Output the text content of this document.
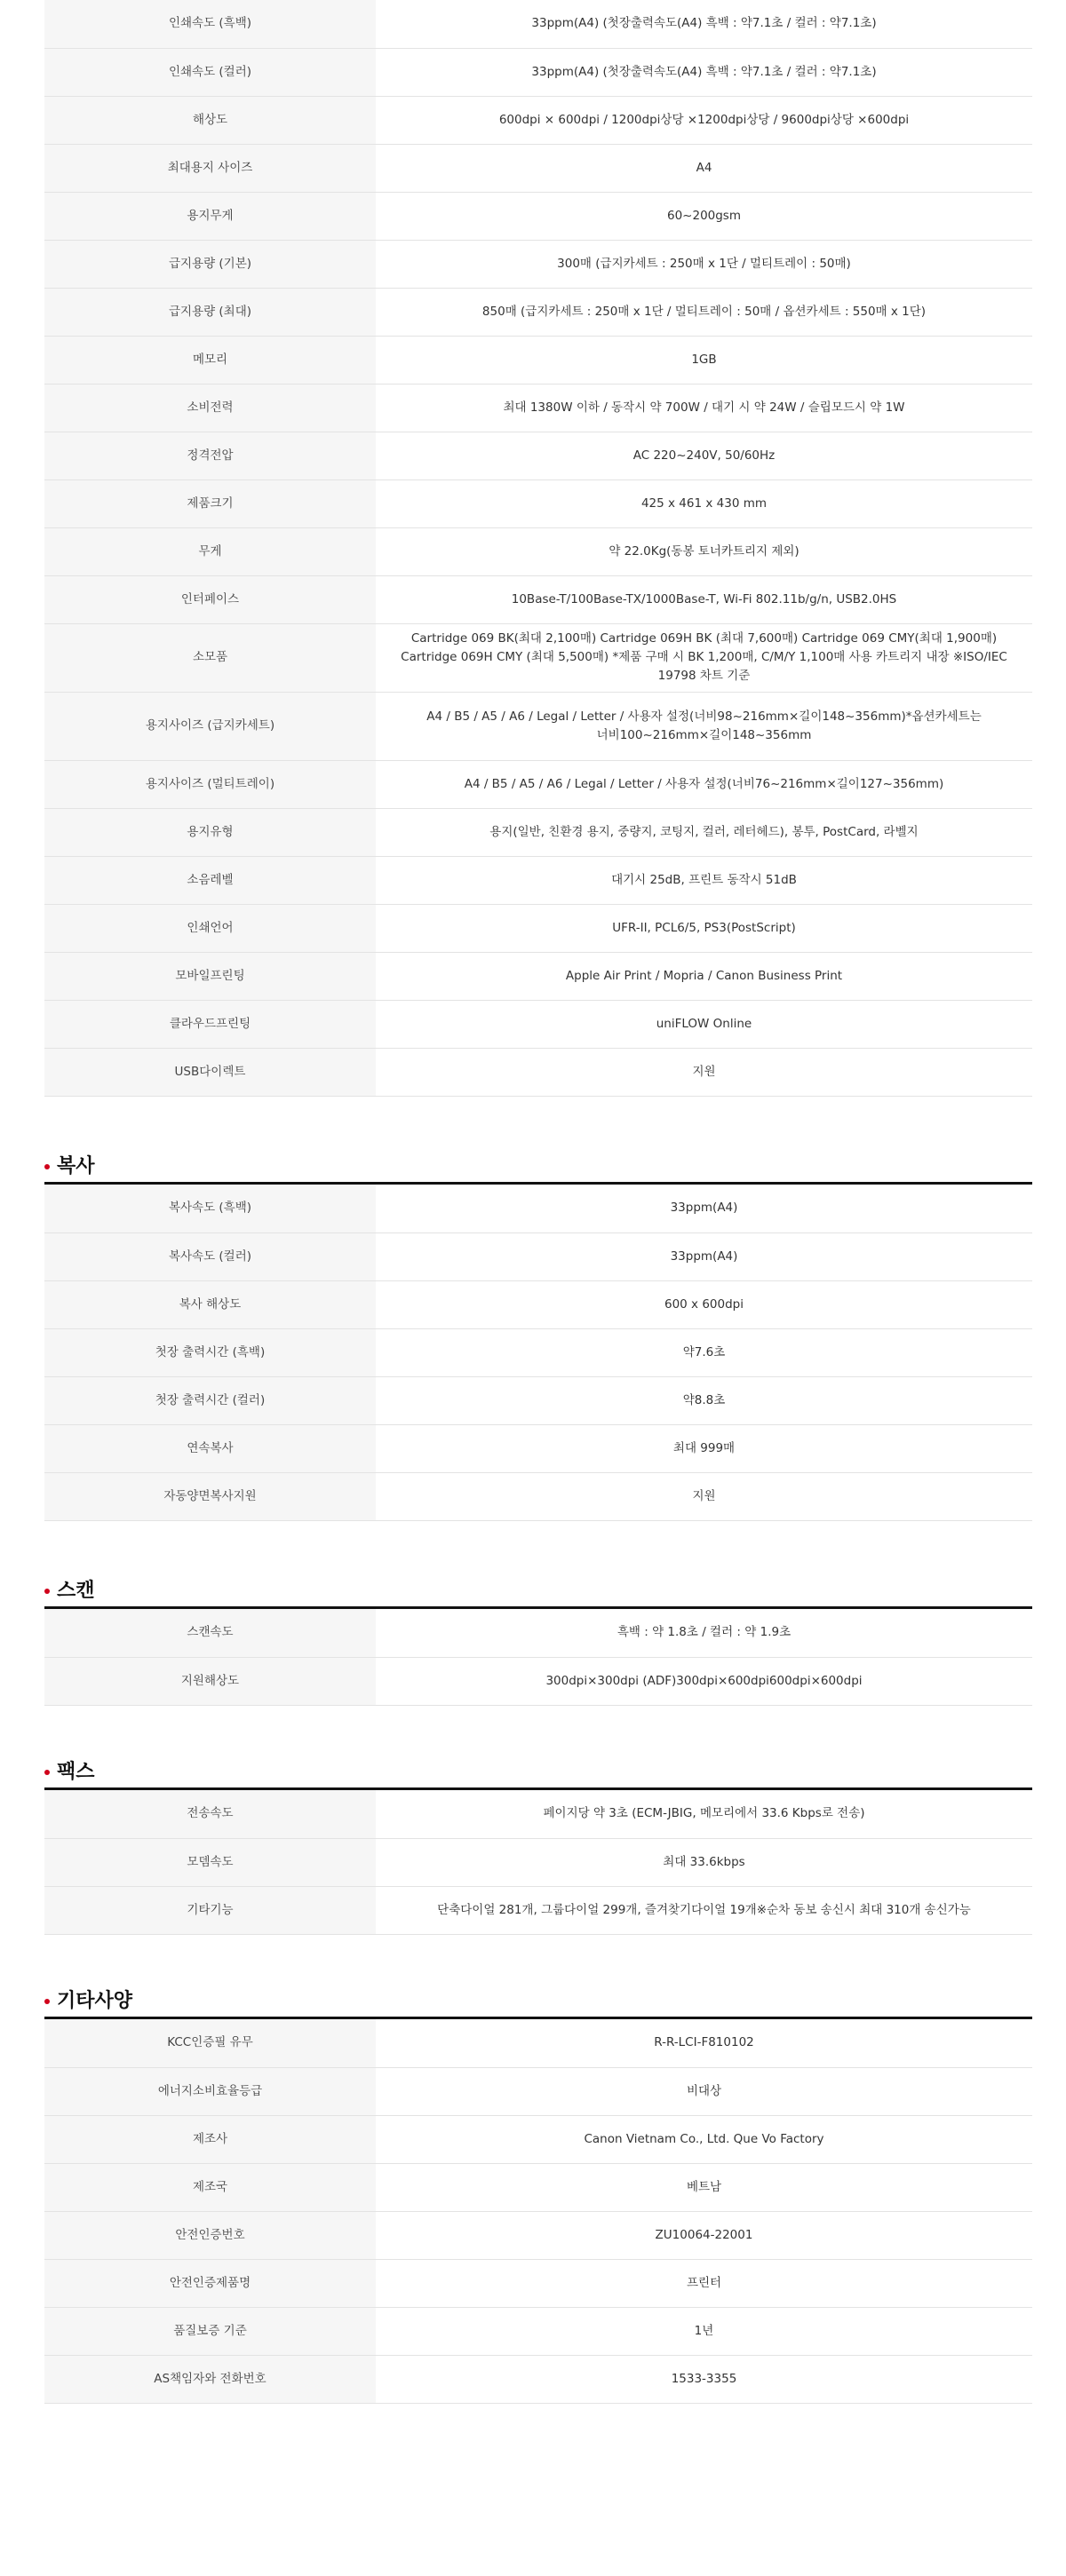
인쇄속도 (흑백)	33ppm(A4) (첫장출력속도(A4) 흑백 : 약7.1초 / 컬러 : 약7.1초)
인쇄속도 (컬러)	33ppm(A4) (첫장출력속도(A4) 흑백 : 약7.1초 / 컬러 : 약7.1초)
해상도	600dpi × 600dpi / 1200dpi상당 ×1200dpi상당 / 9600dpi상당 ×600dpi
최대용지 사이즈	A4
용지무게	60~200gsm
급지용량 (기본)	300매 (급지카세트 : 250매 x 1단 / 멀티트레이 : 50매)
급지용량 (최대)	850매 (급지카세트 : 250매 x 1단 / 멀티트레이 : 50매 / 옵션카세트 : 550매 x 1단)
메모리	1GB
소비전력	최대 1380W 이하 / 동작시 약 700W / 대기 시 약 24W / 슬립모드시 약 1W
정격전압	AC 220~240V, 50/60Hz
제품크기	425 x 461 x 430 mm
무게	약 22.0Kg(동봉 토너카트리지 제외)
인터페이스	10Base-T/100Base-TX/1000Base-T, Wi-Fi 802.11b/g/n, USB2.0HS
소모품	Cartridge 069 BK(최대 2,100매) Cartridge 069H BK (최대 7,600매) Cartridge 069 CMY(최대 1,900매) Cartridge 069H CMY (최대 5,500매) *제품 구매 시 BK 1,200매, C/M/Y 1,100매 사용 카트리지 내장 ※ISO/IEC 19798 차트 기준
용지사이즈 (급지카세트)	A4 / B5 / A5 / A6 / Legal / Letter / 사용자 설정(너비98~216mm×길이148~356mm)*옵션카세트는 너비100~216mm×길이148~356mm
용지사이즈 (멀티트레이)	A4 / B5 / A5 / A6 / Legal / Letter / 사용자 설정(너비76~216mm×길이127~356mm)
용지유형	용지(일반, 친환경 용지, 중량지, 코팅지, 컬러, 레터헤드), 봉투, PostCard, 라벨지
소음레벨	대기시 25dB, 프린트 동작시 51dB
인쇄언어	UFR-II, PCL6/5, PS3(PostScript)
모바일프린팅	Apple Air Print / Mopria / Canon Business Print
클라우드프린팅	uniFLOW Online
USB다이렉트	지원
복사
복사속도 (흑백)	33ppm(A4)
복사속도 (컬러)	33ppm(A4)
복사 해상도	600 x 600dpi
첫장 출력시간 (흑백)	약7.6초
첫장 출력시간 (컬러)	약8.8초
연속복사	최대 999매
자동양면복사지원	지원
스캔
스캔속도	흑백 : 약 1.8초 / 컬러 : 약 1.9초
지원해상도	300dpi×300dpi (ADF)300dpi×600dpi600dpi×600dpi
팩스
전송속도	페이지당 약 3초 (ECM-JBIG, 메모리에서 33.6 Kbps로 전송)
모뎀속도	최대 33.6kbps
기타기능	단축다이얼 281개, 그룹다이얼 299개, 즐겨찾기다이얼 19개※순차 동보 송신시 최대 310개 송신가능
기타사양
KCC인증필 유무	R-R-LCI-F810102
에너지소비효율등급	비대상
제조사	Canon Vietnam Co., Ltd. Que Vo Factory
제조국	베트남
안전인증번호	ZU10064-22001
안전인증제품명	프린터
품질보증 기준	1년
AS책임자와 전화번호	1533-3355
